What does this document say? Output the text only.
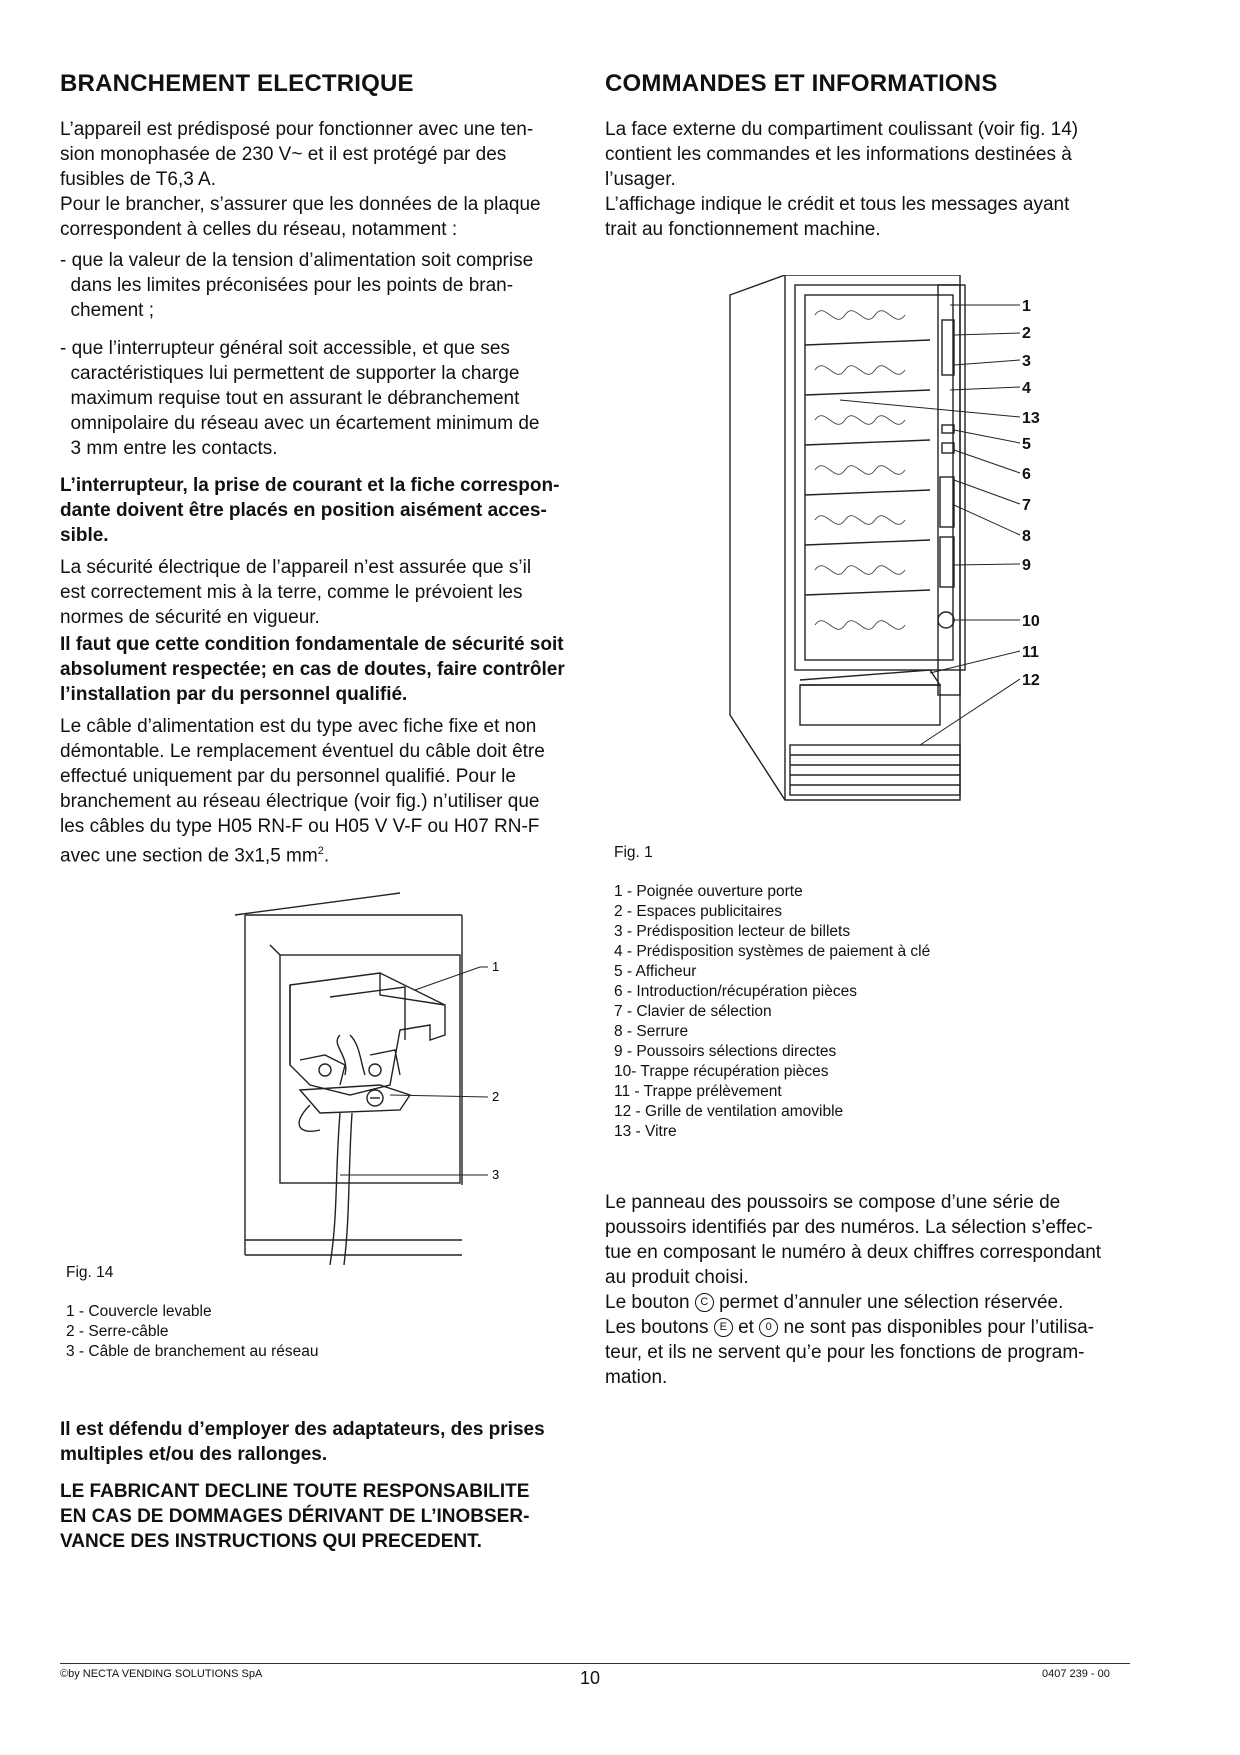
BRANCHEMENT ELECTRIQUE
L’appareil est prédisposé pour fonctionner avec une ten-
sion monophasée de 230 V~ et il est protégé par des
fusibles de T6,3 A.
Pour le brancher, s’assurer que les données de la plaque
correspondent à celles du réseau, notamment :
- que la valeur de la tension d’alimentation soit comprise
dans les limites préconisées pour les points de bran-
chement ;
- que l’interrupteur général soit accessible, et que ses
caractéristiques lui permettent de supporter la charge
maximum requise tout en assurant le débranchement
omnipolaire du réseau avec un écartement minimum de
3 mm entre les contacts.
L’interrupteur, la prise de courant et la fiche correspon-
dante doivent être placés en position aisément acces-
sible.
La sécurité électrique de l’appareil n’est assurée que s’il
est correctement mis à la terre, comme le prévoient les
normes de sécurité en vigueur.
Il faut que cette condition fondamentale de sécurité soit
absolument respectée; en cas de doutes, faire contrôler
l’installation par du personnel qualifié.
Le câble d’alimentation est du type avec fiche fixe et non
démontable. Le remplacement éventuel du câble doit être
effectué uniquement par du personnel qualifié. Pour le
branchement au réseau électrique (voir fig.) n’utiliser que
les câbles du type H05 RN-F ou H05 V V-F ou H07 RN-F
avec une section de 3x1,5 $mm^2$.
1
2
3
Fig. 14
1 - Couvercle levable
2 - Serre-câble
3 - Câble de branchement au réseau
Il est défendu d’employer des adaptateurs, des prises
multiples et/ou des rallonges.
LE FABRICANT DECLINE TOUTE RESPONSABILITE
EN CAS DE DOMMAGES DÉRIVANT DE L’INOBSER-
VANCE DES INSTRUCTIONS QUI PRECEDENT.
COMMANDES ET INFORMATIONS
La face externe du compartiment coulissant (voir fig. 14)
contient les commandes et les informations destinées à
l’usager.
L’affichage indique le crédit et tous les messages ayant
trait au fonctionnement machine.
1
2
3
4
13
5
6
7
8
9
10
11
12
Fig. 1
1 - Poignée ouverture porte
2 - Espaces publicitaires
3 - Prédisposition lecteur de billets
4 - Prédisposition systèmes de paiement à clé
5 - Afficheur
6 - Introduction/récupération pièces
7 - Clavier de sélection
8 - Serrure
9 - Poussoirs sélections directes
10- Trappe récupération pièces
11 - Trappe prélèvement
12 - Grille de ventilation amovible
13 - Vitre
Le panneau des poussoirs se compose d’une série de
poussoirs identifiés par des numéros. La sélection s’effec-
tue en composant le numéro à deux chiffres correspondant
au produit choisi.
Le bouton C permet d’annuler une sélection réservée.
Les boutons E et 0 ne sont pas disponibles pour l’utilisa-
teur, et ils ne servent qu’e pour les fonctions de program-
mation.
©by NECTA VENDING SOLUTIONS SpA	10	0407 239 - 00
